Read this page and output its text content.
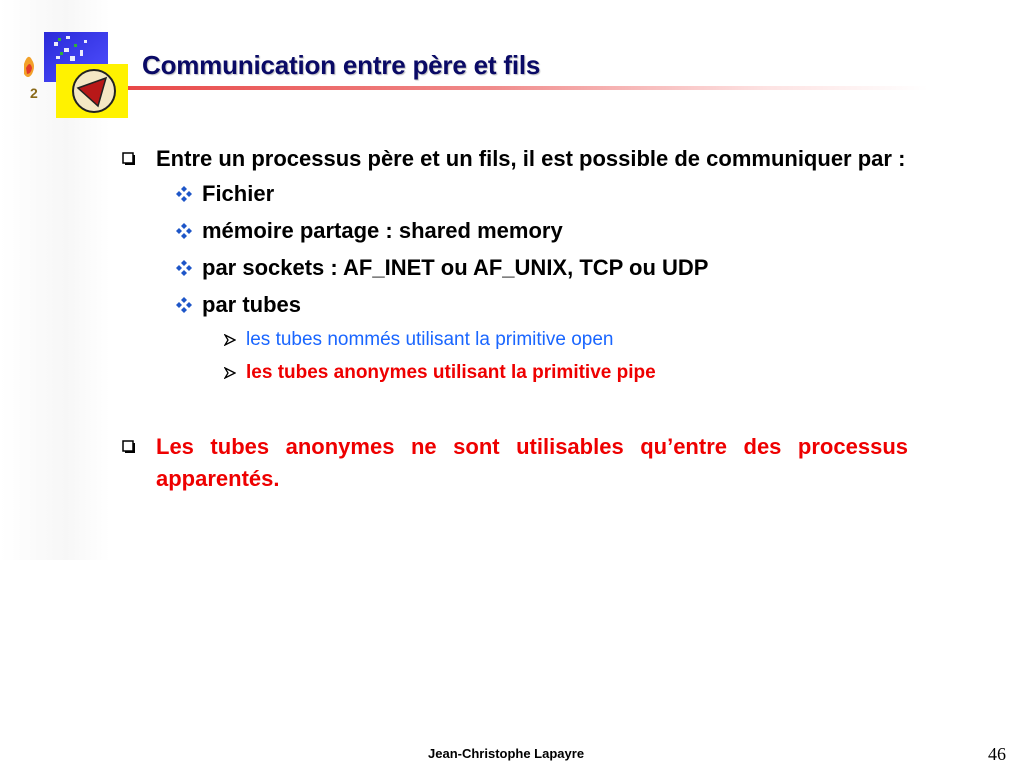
2
Communication entre père et fils
Entre un processus père et un fils, il est possible de communiquer par :
Fichier
mémoire partage : shared memory
par sockets : AF_INET ou AF_UNIX, TCP ou UDP
par tubes
les tubes nommés utilisant la primitive open
les tubes anonymes utilisant la primitive pipe
Les tubes anonymes ne sont utilisables qu’entre des processus apparentés.
Jean-Christophe Lapayre	46
